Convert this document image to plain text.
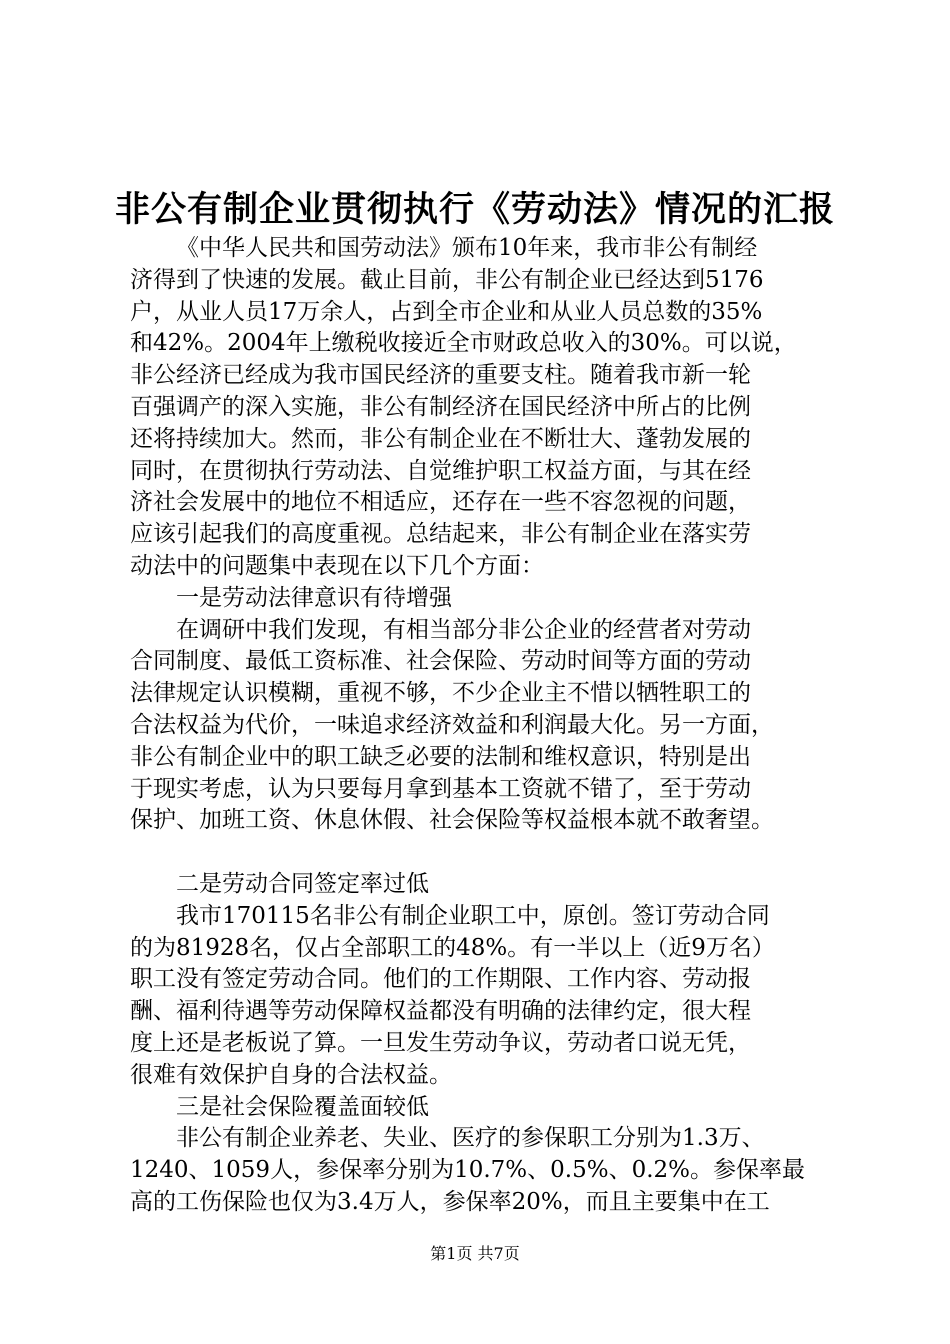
非公有制企业贯彻执行《劳动法》情况的汇报
《中华人民共和国劳动法》颁布10年来，我市非公有制经
济得到了快速的发展。截止目前，非公有制企业已经达到5176
户，从业人员17万余人，占到全市企业和从业人员总数的35%
和42%。2004年上缴税收接近全市财政总收入的30%。可以说，
非公经济已经成为我市国民经济的重要支柱。随着我市新一轮
百强调产的深入实施，非公有制经济在国民经济中所占的比例
还将持续加大。然而，非公有制企业在不断壮大、蓬勃发展的
同时，在贯彻执行劳动法、自觉维护职工权益方面，与其在经
济社会发展中的地位不相适应，还存在一些不容忽视的问题，
应该引起我们的高度重视。总结起来，非公有制企业在落实劳
动法中的问题集中表现在以下几个方面：
一是劳动法律意识有待增强
在调研中我们发现，有相当部分非公企业的经营者对劳动
合同制度、最低工资标准、社会保险、劳动时间等方面的劳动
法律规定认识模糊，重视不够，不少企业主不惜以牺牲职工的
合法权益为代价，一味追求经济效益和利润最大化。另一方面，
非公有制企业中的职工缺乏必要的法制和维权意识，特别是出
于现实考虑，认为只要每月拿到基本工资就不错了，至于劳动
保护、加班工资、休息休假、社会保险等权益根本就不敢奢望。
二是劳动合同签定率过低
我市170115名非公有制企业职工中，原创。签订劳动合同
的为81928名，仅占全部职工的48%。有一半以上（近9万名）
职工没有签定劳动合同。他们的工作期限、工作内容、劳动报
酬、福利待遇等劳动保障权益都没有明确的法律约定，很大程
度上还是老板说了算。一旦发生劳动争议，劳动者口说无凭，
很难有效保护自身的合法权益。
三是社会保险覆盖面较低
非公有制企业养老、失业、医疗的参保职工分别为1.3万、
1240、1059人，参保率分别为10.7%、0.5%、0.2%。参保率最
高的工伤保险也仅为3.4万人，参保率20%，而且主要集中在工
第1页 共7页
